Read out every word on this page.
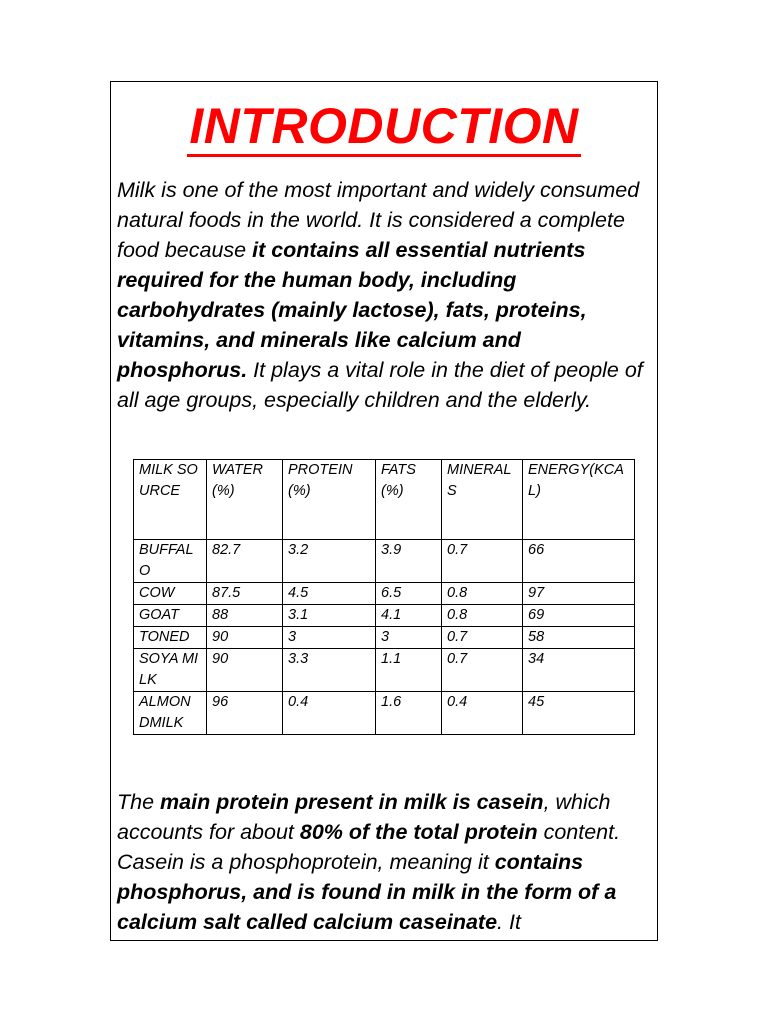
INTRODUCTION
Milk is one of the most important and widely consumed natural foods in the world. It is considered a complete food because it contains all essential nutrients required for the human body, including carbohydrates (mainly lactose), fats, proteins, vitamins, and minerals like calcium and phosphorus. It plays a vital role in the diet of people of all age groups, especially children and the elderly.
MILK SOURCE	WATER(%)	PROTEIN(%)	FATS(%)	MINERALS	ENERGY(KCAL)
BUFFALO	82.7	3.2	3.9	0.7	66
COW	87.5	4.5	6.5	0.8	97
GOAT	88	3.1	4.1	0.8	69
TONED	90	3	3	0.7	58
SOYA MILK	90	3.3	1.1	0.7	34
ALMONDMILK	96	0.4	1.6	0.4	45
The main protein present in milk is casein, which accounts for about 80% of the total protein content. Casein is a phosphoprotein, meaning it contains phosphorus, and is found in milk in the form of a calcium salt called calcium caseinate. It
